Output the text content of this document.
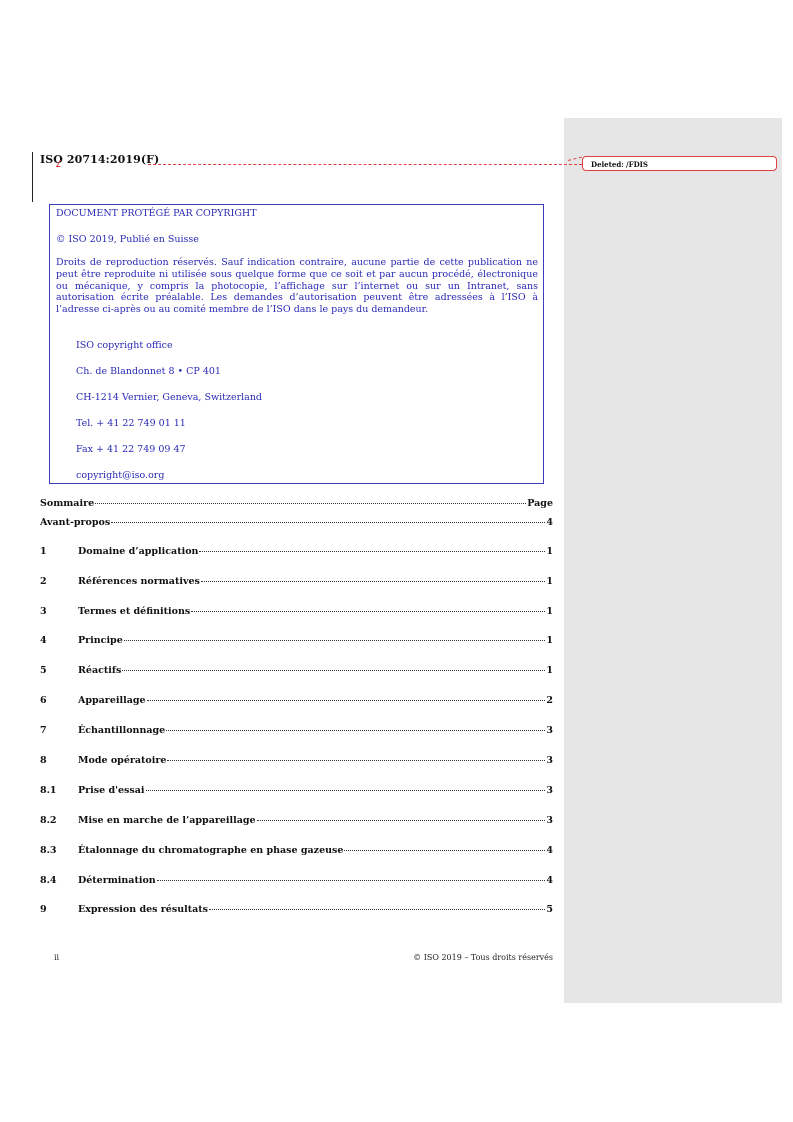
ISO 20714:2019(F)	Deleted: /FDIS
DOCUMENT PROTÉGÉ PAR COPYRIGHT
© ISO 2019, Publié en Suisse
Droits de reproduction réservés. Sauf indication contraire, aucune partie de cette publication ne peut être reproduite ni utilisée sous quelque forme que ce soit et par aucun procédé, électronique ou mécanique, y compris la photocopie, l’affichage sur l’internet ou sur un Intranet, sans autorisation écrite préalable. Les demandes d’autorisation peuvent être adressées à l’ISO à l’adresse ci-après ou au comité membre de l’ISO dans le pays du demandeur.
ISO copyright office
Ch. de Blandonnet 8 • CP 401
CH-1214 Vernier, Geneva, Switzerland
Tel. + 41 22 749 01 11
Fax + 41 22 749 09 47
copyright@iso.org
Sommaire	Page
Avant-propos	4
1	Domaine d’application	1
2	Références normatives	1
3	Termes et définitions	1
4	Principe	1
5	Réactifs	1
6	Appareillage	2
7	Échantillonnage	3
8	Mode opératoire	3
8.1	Prise d'essai	3
8.2	Mise en marche de l’appareillage	3
8.3	Étalonnage du chromatographe en phase gazeuse	4
8.4	Détermination	4
9	Expression des résultats	5
ii	© ISO 2019 – Tous droits réservés
